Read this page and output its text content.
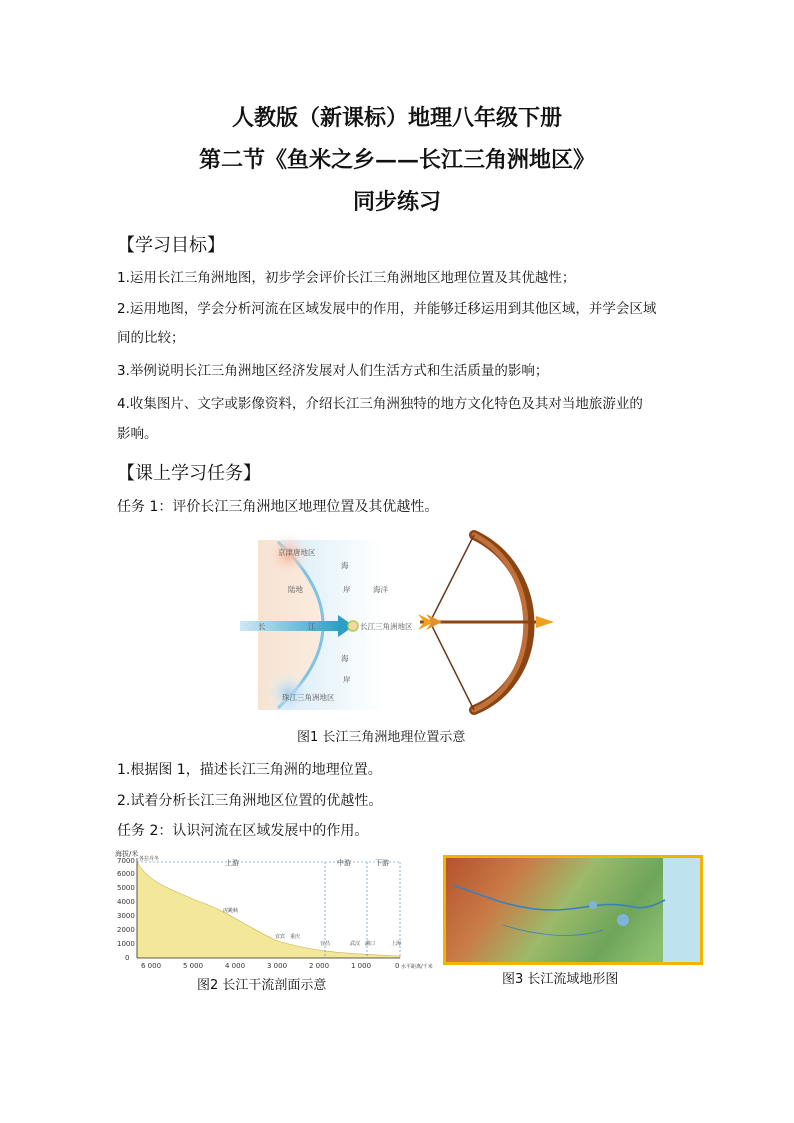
人教版（新课标）地理八年级下册
第二节《鱼米之乡——长江三角洲地区》
同步练习
【学习目标】
1.运用长江三角洲地图，初步学会评价长江三角洲地区地理位置及其优越性；
2.运用地图，学会分析河流在区域发展中的作用，并能够迁移运用到其他区域，并学会区域
间的比较；
3.举例说明长江三角洲地区经济发展对人们生活方式和生活质量的影响；
4.收集图片、文字或影像资料，介绍长江三角洲独特的地方文化特色及其对当地旅游业的
影响。
【课上学习任务】
任务 1：评价长江三角洲地区地理位置及其优越性。
京津唐地区
陆地
海
岸	海洋
长	江	长江三角洲地区
海
岸
珠江三角洲地区
图1 长江三角洲地理位置示意
1.根据图 1，描述长江三角洲的地理位置。
2.试着分析长江三角洲地区位置的优越性。
任务 2：认识河流在区域发展中的作用。
海拔/米
7000
6000
5000
4000
3000
2000
1000
0
6 000	5 000	4 000	3 000	2 000	1 000	0 水平距离/千米
上游	中游	下游
各拉丹冬
虎跳峡
宜宾 重庆
宜昌	武汉 湖口	上海
图2 长江干流剖面示意	图3 长江流域地形图
